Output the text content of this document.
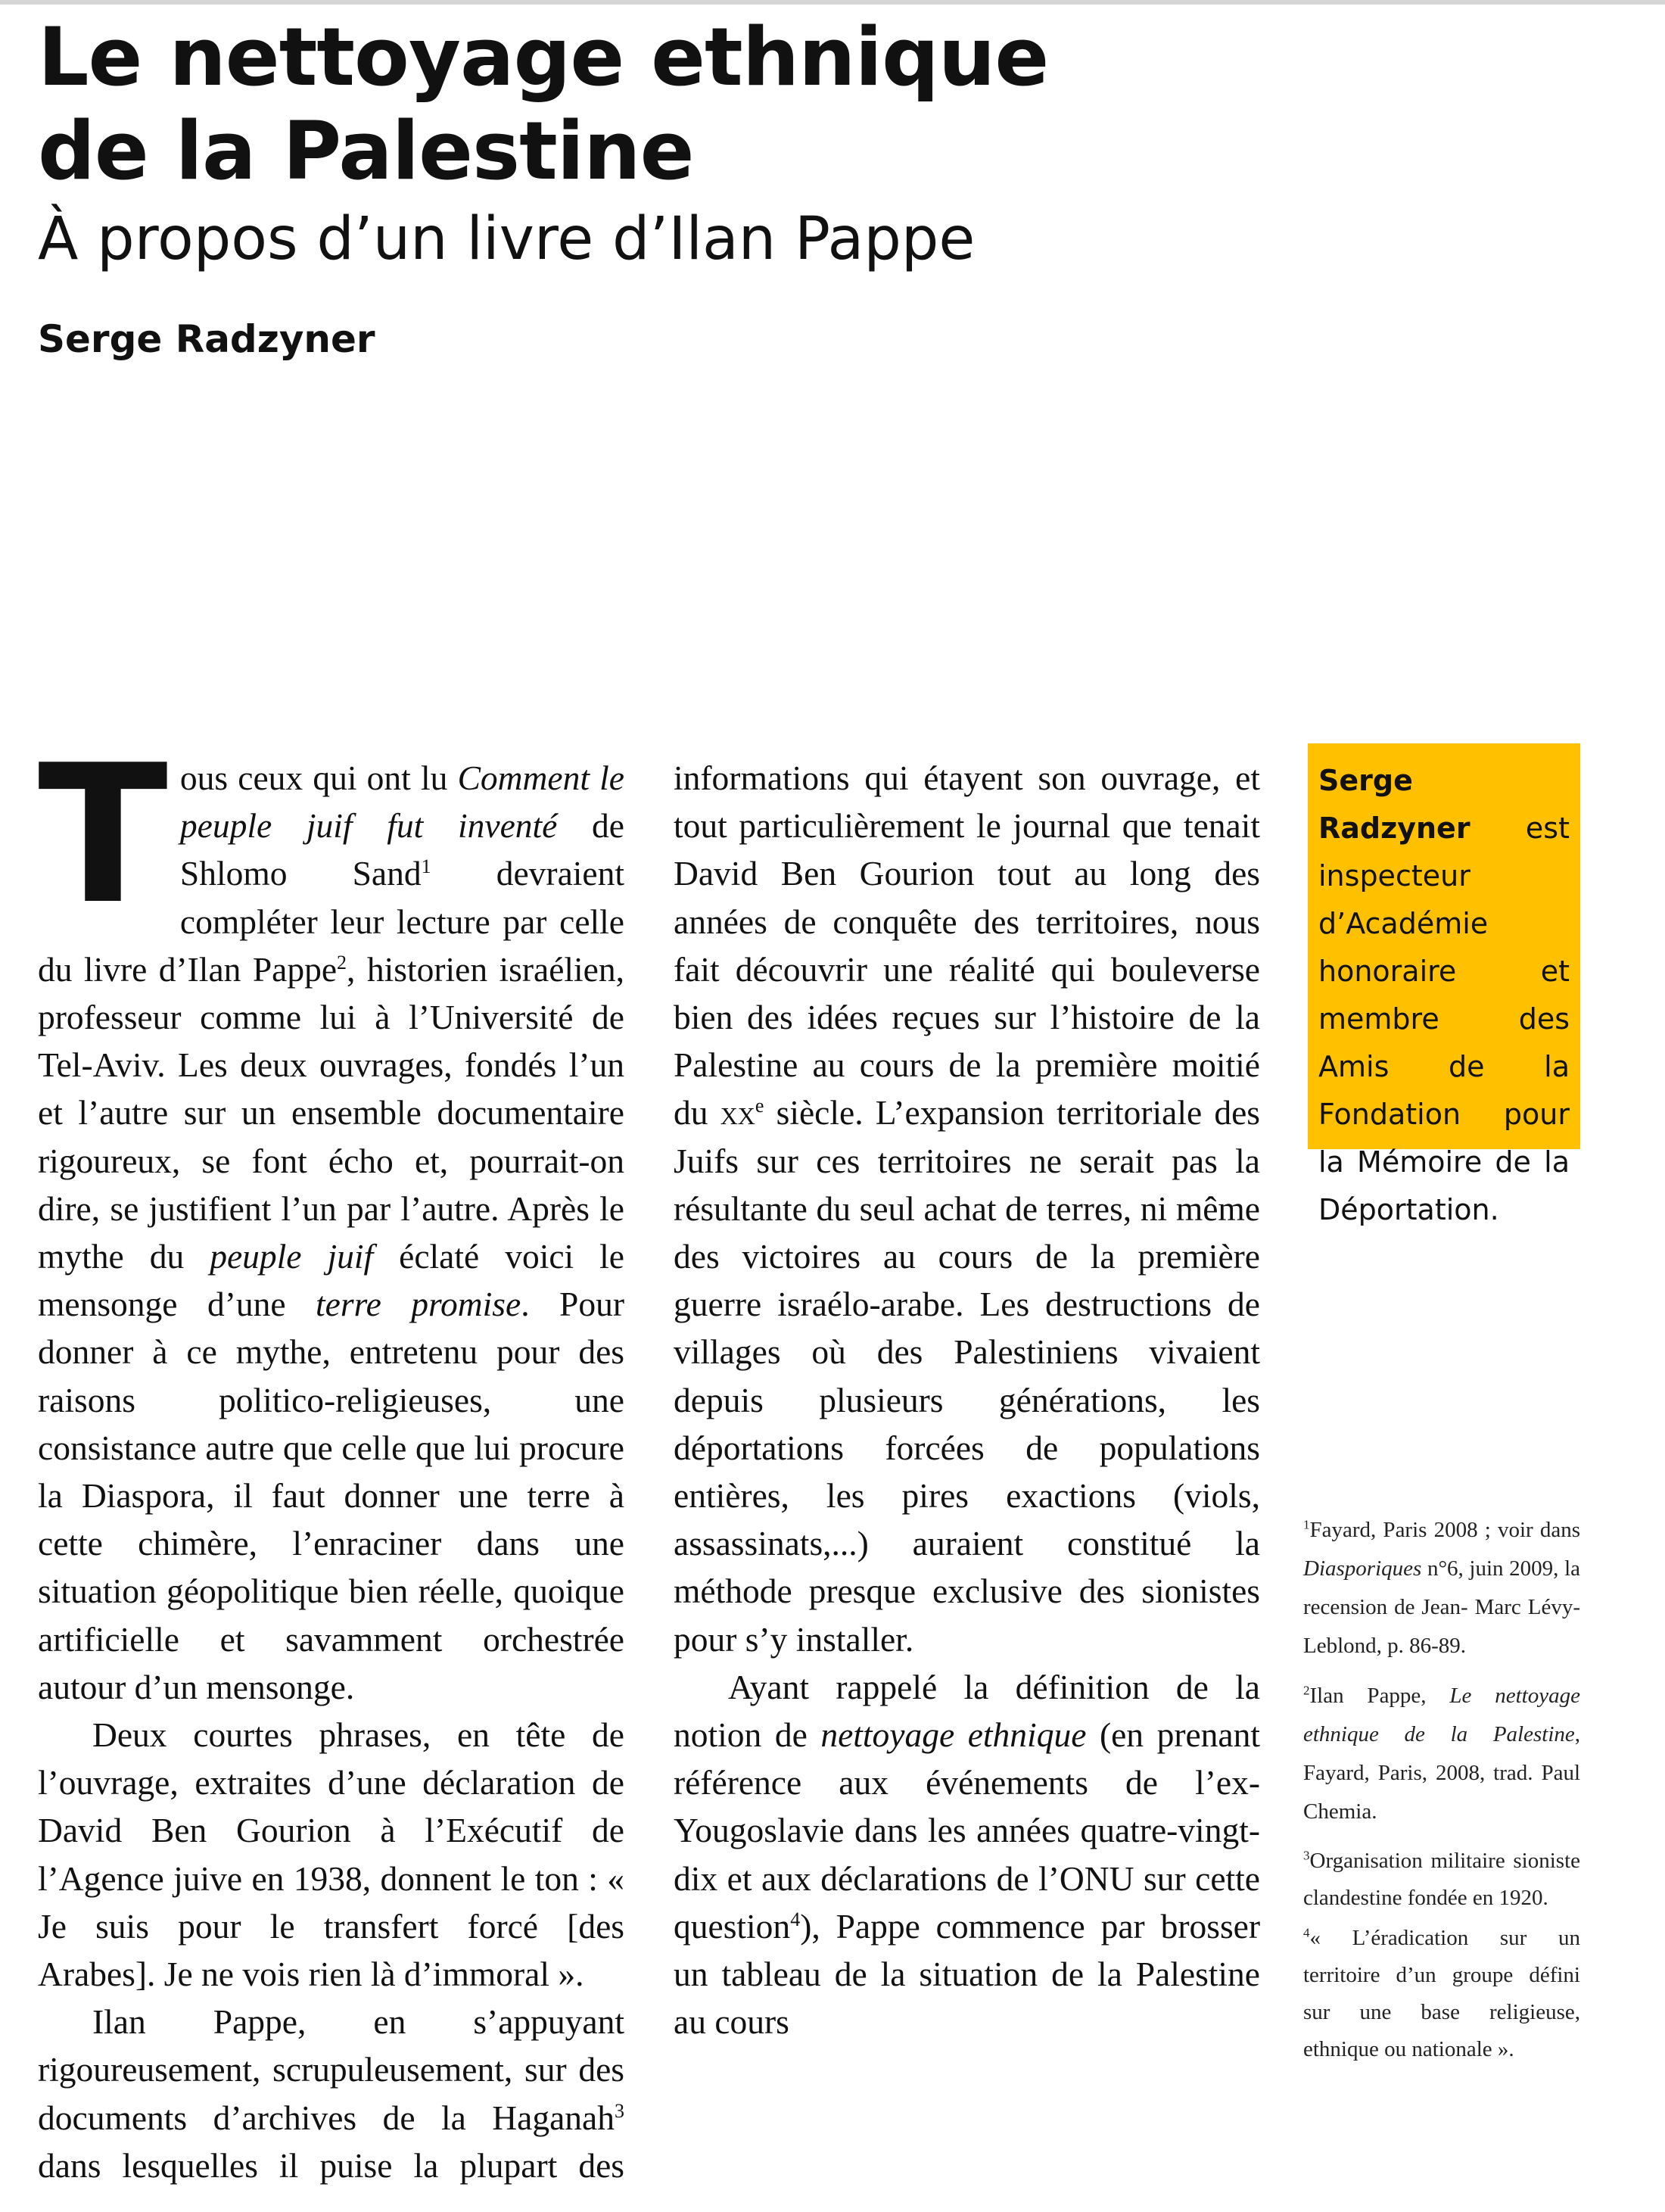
Le nettoyage ethnique
de la Palestine
À propos d’un livre d’Ilan Pappe
Serge Radzyner

Tous ceux qui ont lu Comment le peuple juif fut inventé de Shlomo Sand$^1$ devraient compléter leur lecture par celle du livre d’Ilan Pappe$^2$, historien israélien, professeur comme lui à l’Université de Tel-Aviv. Les deux ouvrages, fondés l’un et l’autre sur un ensemble documentaire rigoureux, se font écho et, pourrait-on dire, se justifient l’un par l’autre. Après le mythe du peuple juif éclaté voici le mensonge d’une terre promise. Pour donner à ce mythe, entretenu pour des raisons politico-religieuses, une consistance autre que celle que lui procure la Diaspora, il faut donner une terre à cette chimère, l’enraciner dans une situation géopolitique bien réelle, quoique artificielle et savamment orchestrée autour d’un mensonge.

Deux courtes phrases, en tête de l’ouvrage, extraites d’une déclaration de David Ben Gourion à l’Exécutif de l’Agence juive en 1938, donnent le ton : « Je suis pour le transfert forcé [des Arabes]. Je ne vois rien là d’immoral ».

Ilan Pappe, en s’appuyant rigoureusement, scrupuleusement, sur des documents d’archives de la Haganah$^3$ dans lesquelles il puise la plupart des informations qui étayent son ouvrage, et tout particulièrement le journal que tenait David Ben Gourion tout au long des années de conquête des territoires, nous fait découvrir une réalité qui bouleverse bien des idées reçues sur l’histoire de la Palestine au cours de la première moitié du $xx^e$ siècle. L’expansion territoriale des Juifs sur ces territoires ne serait pas la résultante du seul achat de terres, ni même des victoires au cours de la première guerre israélo-arabe. Les destructions de villages où des Palestiniens vivaient depuis plusieurs générations, les déportations forcées de populations entières, les pires exactions (viols, assassinats,...) auraient constitué la méthode presque exclusive des sionistes pour s’y installer.

Ayant rappelé la définition de la notion de nettoyage ethnique (en prenant référence aux événements de l’ex-Yougoslavie dans les années quatre-vingt-dix et aux déclarations de l’ONU sur cette question$^4$), Pappe commence par brosser un tableau de la situation de la Palestine au cours

Serge Radzyner est inspecteur d’Académie honoraire et membre des Amis de la Fondation pour la Mémoire de la Déportation.

$^1$Fayard, Paris 2008 ; voir dans Diasporiques n°6, juin 2009, la recension de Jean- Marc Lévy-Leblond, p. 86-89.

$^2$Ilan Pappe, Le nettoyage ethnique de la Palestine, Fayard, Paris, 2008, trad. Paul Chemia.

$^3$Organisation militaire sioniste clandestine fondée en 1920.

$^4$« L’éradication sur un territoire d’un groupe défini sur une base religieuse, ethnique ou nationale ».
